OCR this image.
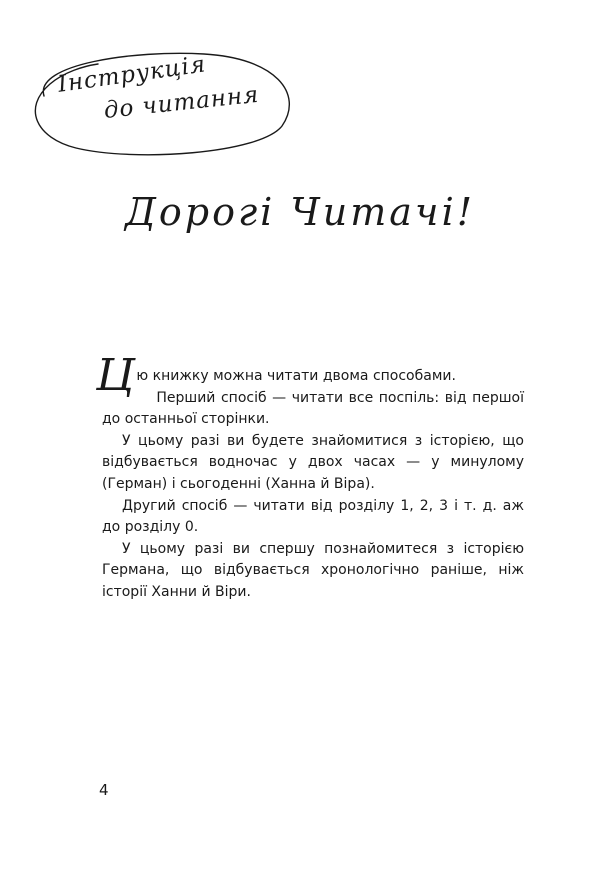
Інструкція
до читання
Дорогі Читачі!

Цю книжку можна читати двома способами.

Перший спосіб — читати все поспіль: від першої до останньої сторінки.

У цьому разі ви будете знайомитися з історією, що відбувається водночас у двох часах — у минулому (Герман) і сьогоденні (Ханна й Віра).

Другий спосіб — читати від розділу 1, 2, 3 і т. д. аж до розділу 0.

У цьому разі ви спершу познайомитеся з історією Германа, що відбувається хронологічно раніше, ніж історії Ханни й Віри.

4
